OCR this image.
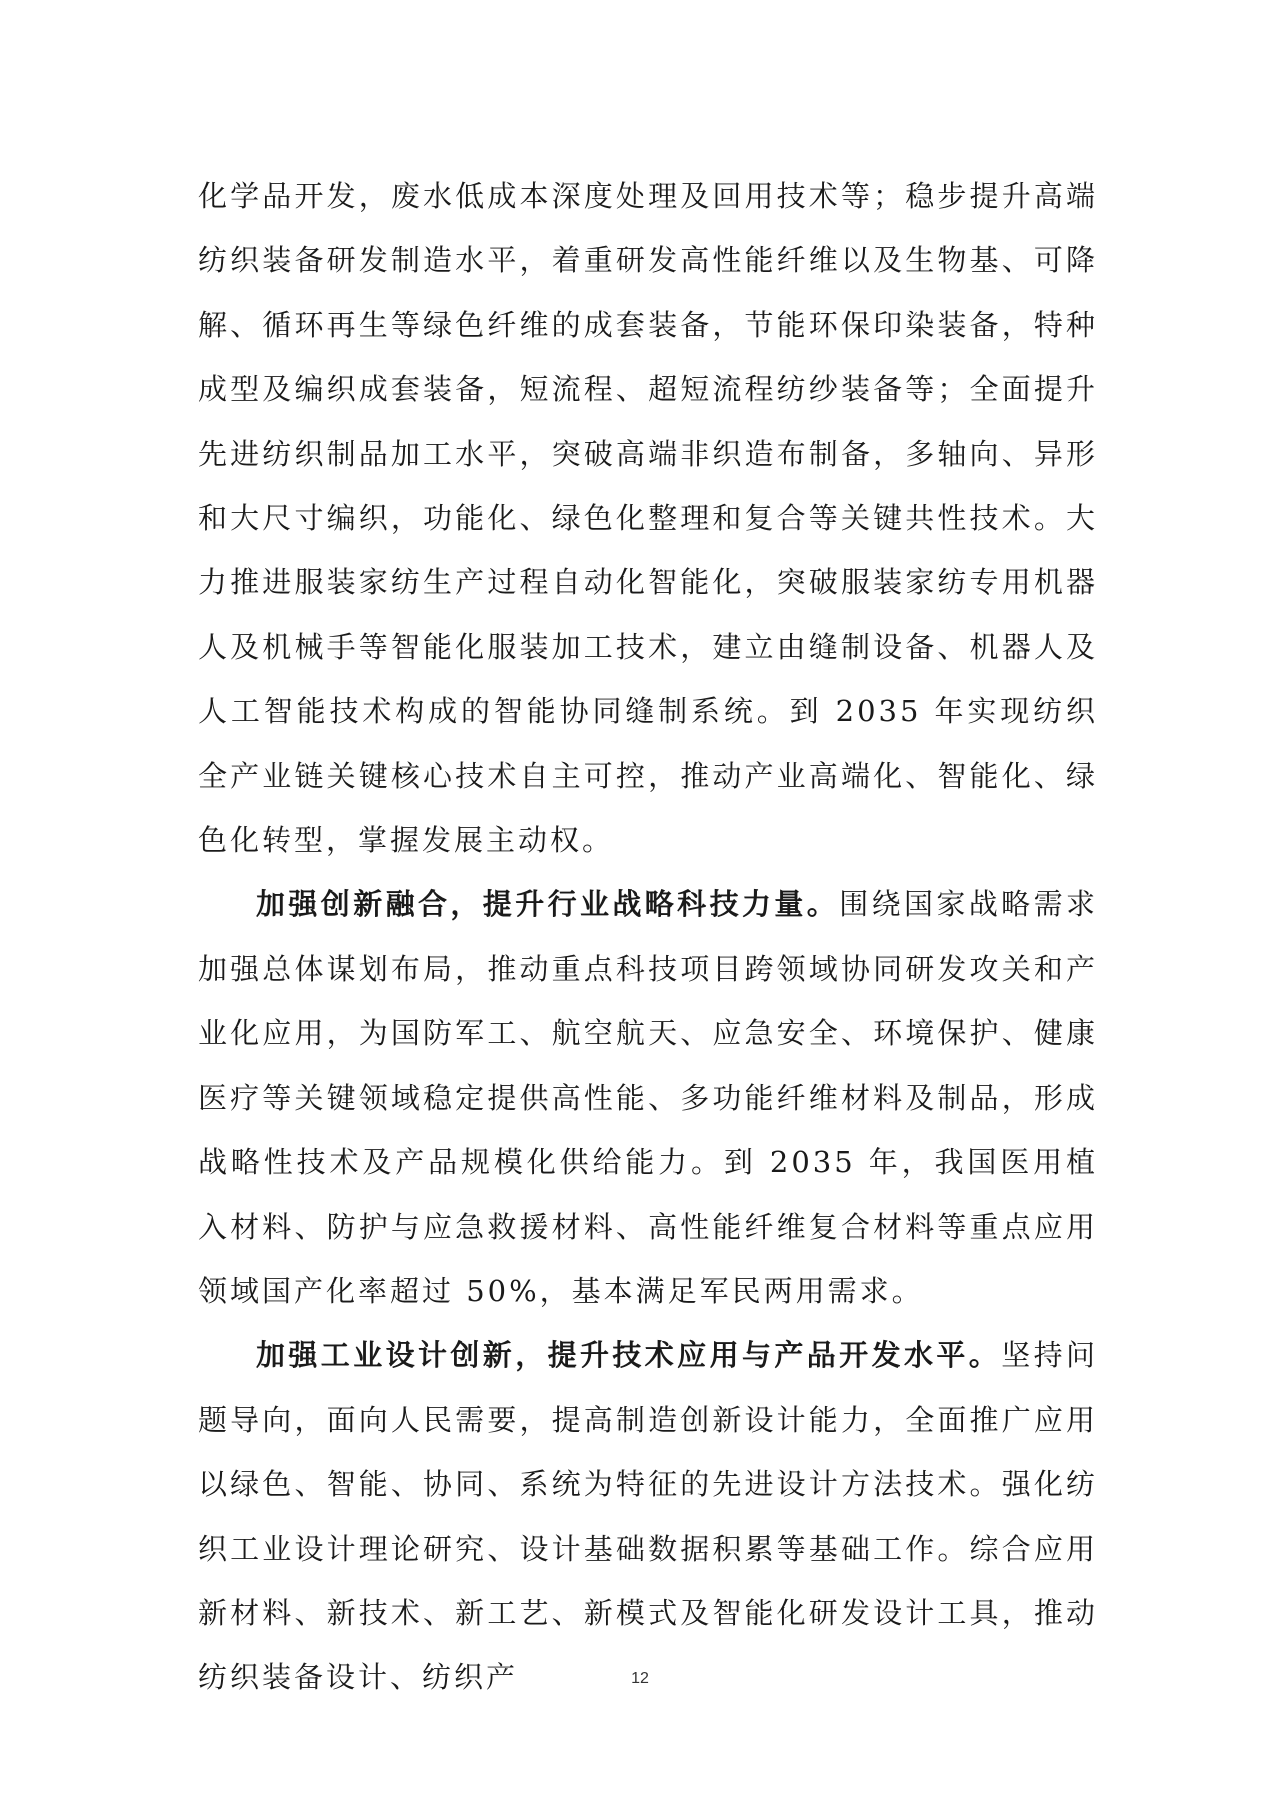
化学品开发，废水低成本深度处理及回用技术等；稳步提升高端纺织装备研发制造水平，着重研发高性能纤维以及生物基、可降解、循环再生等绿色纤维的成套装备，节能环保印染装备，特种成型及编织成套装备，短流程、超短流程纺纱装备等；全面提升先进纺织制品加工水平，突破高端非织造布制备，多轴向、异形和大尺寸编织，功能化、绿色化整理和复合等关键共性技术。大力推进服装家纺生产过程自动化智能化，突破服装家纺专用机器人及机械手等智能化服装加工技术，建立由缝制设备、机器人及人工智能技术构成的智能协同缝制系统。到 2035 年实现纺织全产业链关键核心技术自主可控，推动产业高端化、智能化、绿色化转型，掌握发展主动权。

加强创新融合，提升行业战略科技力量。围绕国家战略需求加强总体谋划布局，推动重点科技项目跨领域协同研发攻关和产业化应用，为国防军工、航空航天、应急安全、环境保护、健康医疗等关键领域稳定提供高性能、多功能纤维材料及制品，形成战略性技术及产品规模化供给能力。到 2035 年，我国医用植入材料、防护与应急救援材料、高性能纤维复合材料等重点应用领域国产化率超过 50%，基本满足军民两用需求。

加强工业设计创新，提升技术应用与产品开发水平。坚持问题导向，面向人民需要，提高制造创新设计能力，全面推广应用以绿色、智能、协同、系统为特征的先进设计方法技术。强化纺织工业设计理论研究、设计基础数据积累等基础工作。综合应用新材料、新技术、新工艺、新模式及智能化研发设计工具，推动纺织装备设计、纺织产	12
